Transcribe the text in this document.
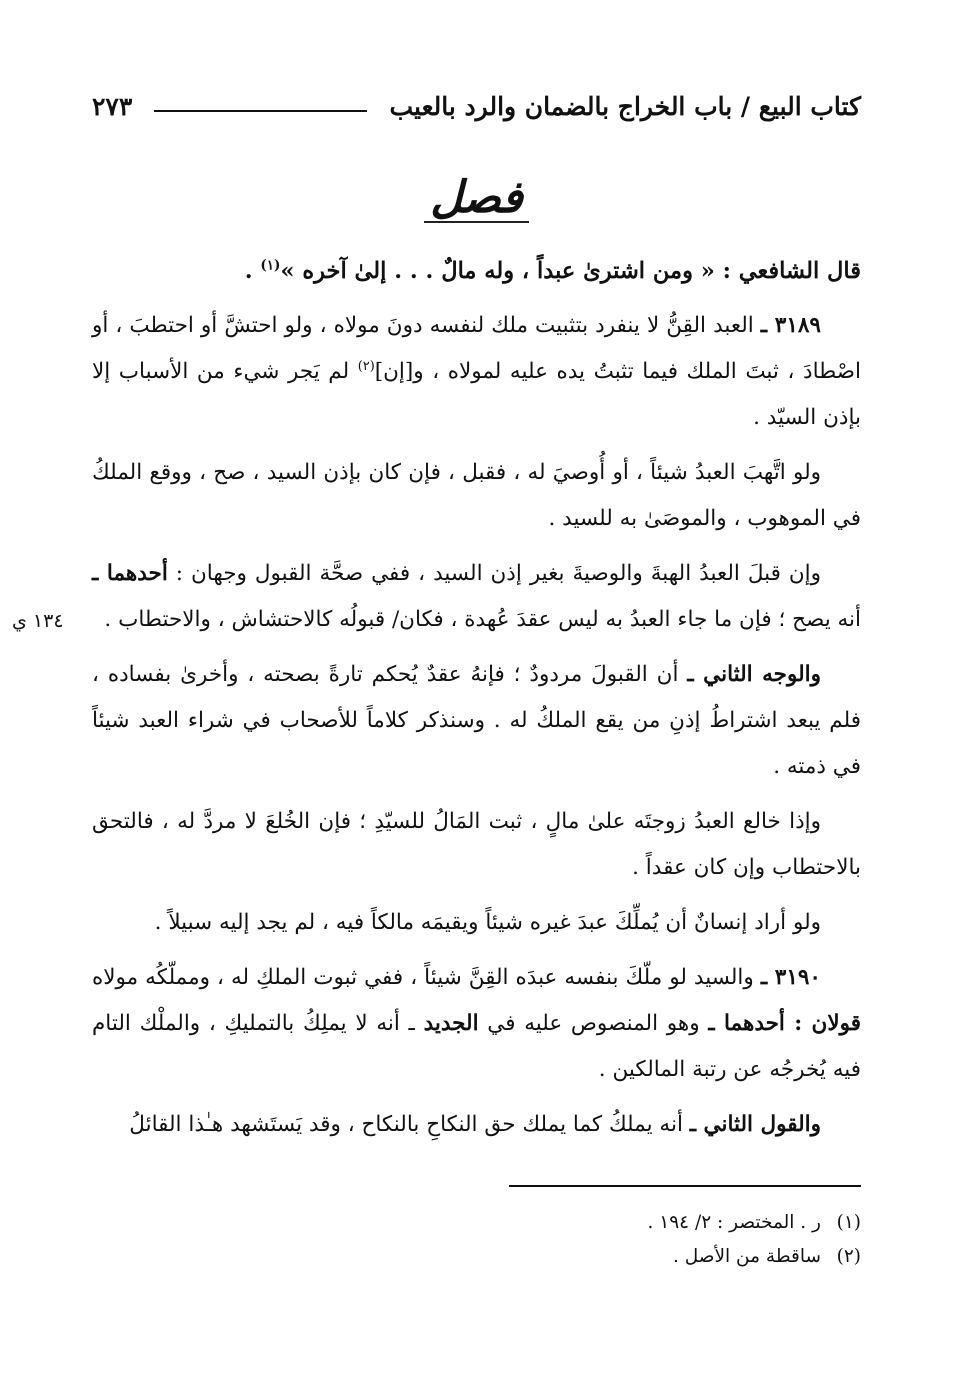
كتاب البيع / باب الخراج بالضمان والرد بالعيب
٢٧٣
فصل

قال الشافعي : « ومن اشترىٰ عبداً ، وله مالٌ . . . إلىٰ آخره »$^{(١)}$ .

٣١٨٩ ـ العبد القِنُّ لا ينفرد بتثبيت ملك لنفسه دونَ مولاه ، ولو احتشَّ أو احتطبَ ، أو اصْطادَ ، ثبتَ الملك فيما تثبتُ يده عليه لمولاه ، و[إن]$^{(٢)}$ لم يَجر شيء من الأسباب إلا بإذن السيّد .

ولو اتَّهبَ العبدُ شيئاً ، أو أُوصيَ له ، فقبل ، فإن كان بإذن السيد ، صح ، ووقع الملكُ في الموهوب ، والموصَىٰ به للسيد .

وإن قبلَ العبدُ الهبةَ والوصيةَ بغير إذن السيد ، ففي صحَّة القبول وجهان : أحدهما ـ أنه يصح ؛ فإن ما جاء العبدُ به ليس عقدَ عُهدة ، فكان/ قبولُه كالاحتشاش ، والاحتطاب .

والوجه الثاني ـ أن القبولَ مردودٌ ؛ فإنهُ عقدٌ يُحكم تارةً بصحته ، وأخرىٰ بفساده ، فلم يبعد اشتراطُ إذنِ من يقع الملكُ له . وسنذكر كلاماً للأصحاب في شراء العبد شيئاً في ذمته .

وإذا خالع العبدُ زوجتَه علىٰ مالٍ ، ثبت المَالُ للسيّدِ ؛ فإن الخُلعَ لا مردَّ له ، فالتحق بالاحتطاب وإن كان عقداً .

ولو أراد إنسانٌ أن يُملِّكَ عبدَ غيره شيئاً ويقيمَه مالكاً فيه ، لم يجد إليه سبيلاً .

٣١٩٠ ـ والسيد لو ملّكَ بنفسه عبدَه القِنَّ شيئاً ، ففي ثبوت الملكِ له ، ومملّكُه مولاه قولان : أحدهما ـ وهو المنصوص عليه في الجديد ـ أنه لا يملِكُ بالتمليكِ ، والملْك التام فيه يُخرجُه عن رتبة المالكين .

والقول الثاني ـ أنه يملكُ كما يملك حق النكاحِ بالنكاح ، وقد يَستَشهد هـٰذا القائلُ

١٣٤ ي
(١)
ر . المختصر : ٢/ ١٩٤ .
(٢)
ساقطة من الأصل .
